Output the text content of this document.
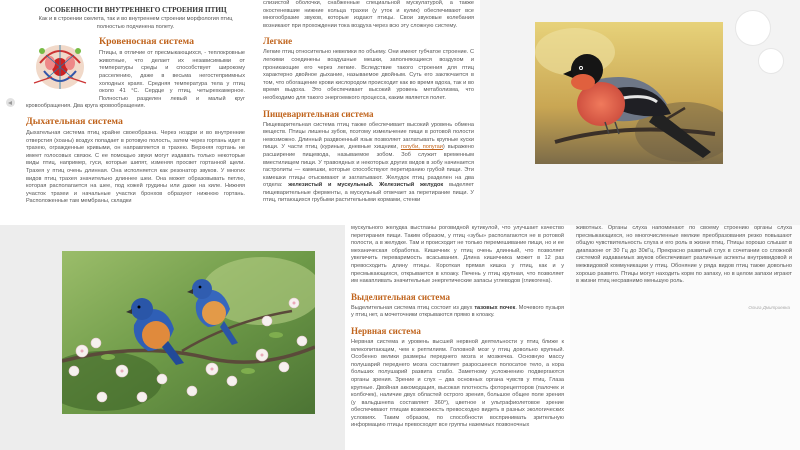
ОСОБЕННОСТИ ВНУТРЕННЕГО СТРОЕНИЯ ПТИЦ

Как и в строении скелета, так и во внутреннем строении морфология птиц полностью подчинена полету.

Кровеносная система

Птицы, в отличие от пресмыкающихся, - теплокровные животные, что делает их независимыми от температуры среды и способствует широкому расселению, даже в весьма негостеприимных холодных краях. Средняя температура тела у птиц около 41 °С. Сердце у птиц, четырехкамерное. Полностью разделен левый и малый круг кровообращения. Два круга кровообращения.

Дыхательная система

Дыхательная система птиц крайне своеобразна. Через ноздри и во внутренние отверстия (хоаны) воздух попадает в ротовую полость, затем через гортань идет в трахею, огражденные кривыми, он направляется в трахею. Верхняя гортань не имеет голосовых связок. С ее помощью звуки могут издавать только некоторые виды птиц, например, гуси, которые шипят, изменяя просвет гортанной щели. Трахея у птиц очень длинная. Она исполняется как резонатор звуков. У многих видов птиц трахея значительно длиннее шеи. Она может образовывать петлю, которая располагается на шее, под кожей грудины или даже на киле. Нижняя участок трахеи и начальные участки бронхов образуют нижнюю гортань. Расположенные там мембраны, складки

слизистой оболочки, снабженные специальной мускулатурой, а также окостеневшие нижние кольца трахеи (у уток и кулик) обеспечивают все многообразие звуков, которые издают птицы. Свои звуковые колебания возникают при прохождении тока воздуха через всю эту сложную систему.

Легкие

Легкие птиц относительно невелики по объему. Они имеют губчатое строение. С легкими соединены воздушные мешки, заполняющиеся воздухом и проникающие его через легкие. Вследствие такого строения для птиц характерно двойное дыхание, называемое двойным. Суть его заключается в том, что обогащение крови кислородом происходит как во время вдоха, так и во время выдоха. Это обеспечивает высокий уровень метаболизма, что необходимо для такого энергоемкого процесса, каким является полет.

Пищеварительная система

Пищеварительная система птиц также обеспечивает высокий уровень обмена веществ. Птицы лишены зубов, поэтому измельчение пищи в ротовой полости невозможно. Длинный раздвоенный язык позволяет заглатывать крупные куски пищи. У части птиц (куриные, дневные хищники, голуби, попугаи) выражено расширение пищевода, называемое зобом. Зоб служит временным вместилищем пищи. У травоядных и некоторых других видов в зобу начинается гастролиты — камешки, которые способствуют перетиранию грубой пищи. Эти камешки птицы отыскивают и заглатывают. Желудок птиц разделен на два отдела: железистый и мускульный. Железистый желудок выделяет пищеварительные ферменты, а мускульный отвечает за перетирание пищи. У птиц, питающихся грубыми растительными кормами, стенки

мускульного желудка выстланы роговидной кутикулой, что улучшает качество перетирания пищи. Таким образом, у птиц «зубы» располагаются не в ротовой полости, а в желудке. Там и происходит не только перемешивание пищи, но и ее механическая обработка. Кишечник у птиц очень длинный, что позволяет увеличить переваримость всасывания. Длина кишечника может в 12 раз превосходить длину птицы. Короткая прямая кишка у птиц, как и у пресмыкающихся, открывается в клоаку. Печень у птиц крупная, что позволяет им накапливать значительные энергетические запасы углеводов (гликогена).

Выделительная система

Выделительная система птиц состоит из двух тазовых почек. Мочевого пузыря у птиц нет, а мочеточники открываются прямо в клоаку.

Нервная система

Нервная система и уровень высшей нервной деятельности у птиц ближе к млекопитающим, чем к рептилиям. Головной мозг у птиц довольно крупный. Особенно велики размеры переднего мозга и мозжечка. Основную массу полушарий переднего мозга составляет разросшееся полосатое тело, а кора больших полушарий развита слабо. Заметному усложнению подвергаются органы зрения. Зрение и слух – два основных органа чувств у птиц. Глаза крупные. Двойная аккомодация, высокая плотность фоторецепторов (палочек и колбочек), наличие двух областей острого зрения, большое общее поле зрения (у вальдшнепа составляет 360°), цветное и ультрафиолетовое зрение обеспечивают птицам возможность превосходно видеть в разных экологических условиях. Таким образом, по способности воспринимать зрительную информацию птицы превосходят все группы наземных позвоночных

животных. Органы слуха напоминают по своему строению органы слуха пресмыкающихся, но многочисленные мелкие преобразования резко повышают общую чувствительность слуха и его роль в жизни птиц. Птицы хорошо слышат в диапазоне от 30 Гц до 30кГц. Прекрасно развитый слух в сочетании со сложной системой издаваемых звуков обеспечивает различные аспекты внутривидовой и межвидовой коммуникации у птиц. Обоняние у ряда видов птиц также довольно хорошо развито. Птицы могут находить корм по запаху, но в целом запахи играют в жизни птиц несравнимо меньшую роль.

Ольга Дмитриевна
